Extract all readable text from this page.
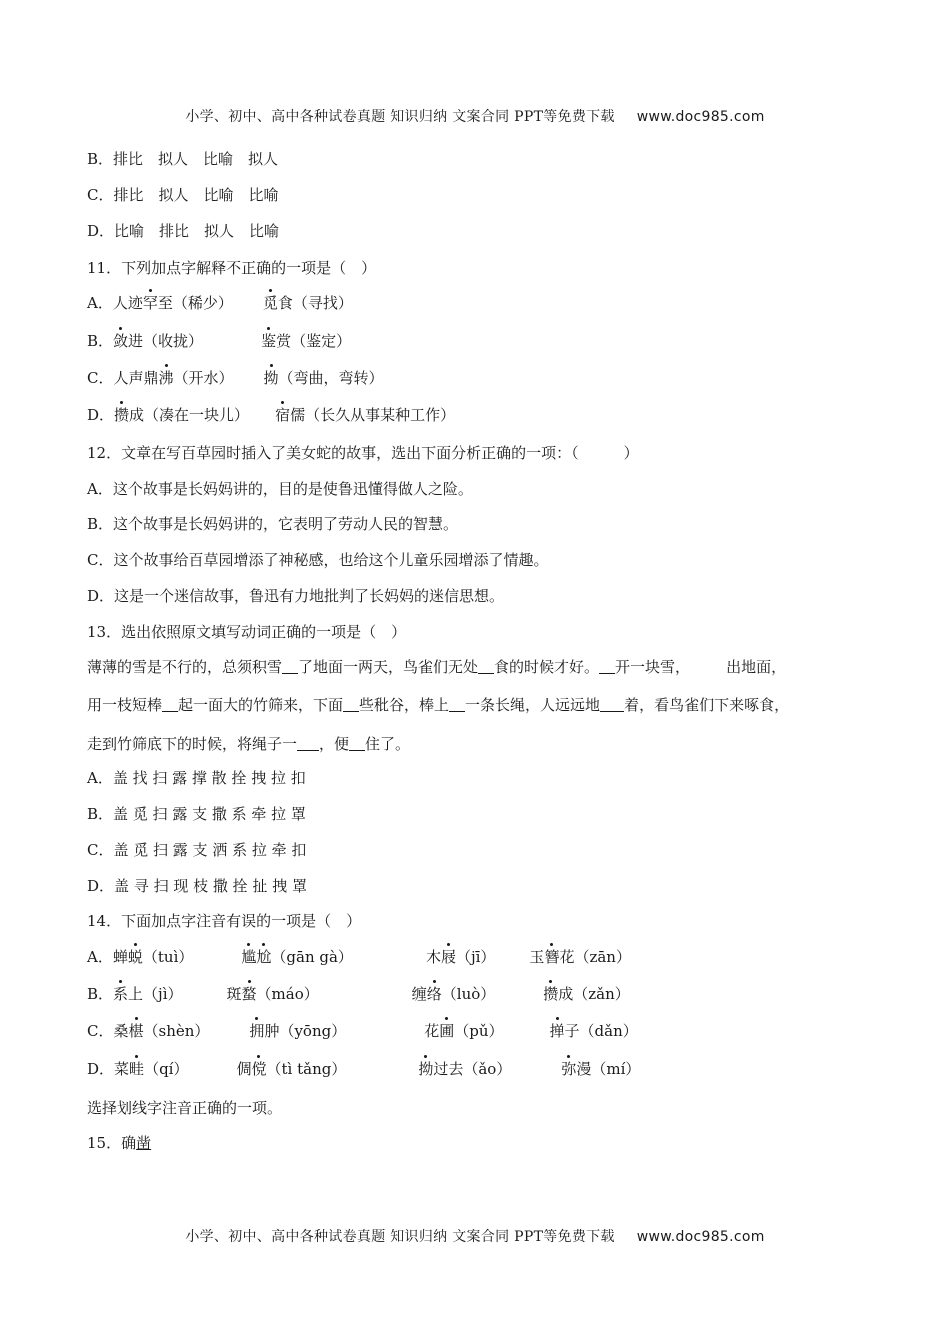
小学、初中、高中各种试卷真题 知识归纳 文案合同 PPT等免费下载 www.doc985.com
B．排比　拟人　比喻　拟人
C．排比　拟人　比喻　比喻
D．比喻　排比　拟人　比喻
11．下列加点字解释不正确的一项是（　）
A．人迹罕至（稀少） 觅食（寻找）
B．敛进（收拢）	鉴赏（鉴定）
C．人声鼎沸（开水） 拗（弯曲，弯转）
D．攒成（凑在一块儿） 宿儒（长久从事某种工作）
12．文章在写百草园时插入了美女蛇的故事，选出下面分析正确的一项：（　　　）
A．这个故事是长妈妈讲的，目的是使鲁迅懂得做人之险。
B．这个故事是长妈妈讲的，它表明了劳动人民的智慧。
C．这个故事给百草园增添了神秘感，也给这个儿童乐园增添了情趣。
D．这是一个迷信故事，鲁迅有力地批判了长妈妈的迷信思想。
13．选出依照原文填写动词正确的一项是（　）
薄薄的雪是不行的，总须积雪 了地面一两天，鸟雀们无处 食的时候才好。 开一块雪， 出地面，
用一枝短棒 起一面大的竹筛来，下面 些秕谷，棒上 一条长绳，人远远地 着，看鸟雀们下来啄食，
走到竹筛底下的时候，将绳子一 ，便 住了。
A．盖 找 扫 露 撑 散 拴 拽 拉 扣
B．盖 觅 扫 露 支 撒 系 牵 拉 罩
C．盖 觅 扫 露 支 洒 系 拉 牵 扣
D．盖 寻 扫 现 枝 撒 拴 扯 拽 罩
14．下面加点字注音有误的一项是（　）
A．蝉蜕（tuì）	尴尬（gān gà）	木屐（jī） 玉簪花（zān）
B．系上（jì）	斑蝥（máo）	缠络（luò）	攒成（zǎn）
C．桑椹（shèn）	拥肿（yōng）	花圃（pǔ）	掸子（dǎn）
D．菜畦（qí）	倜傥（tì tǎng）	拗过去（ǎo）	弥漫（mí）
选择划线字注音正确的一项。
15．确凿
小学、初中、高中各种试卷真题 知识归纳 文案合同 PPT等免费下载 www.doc985.com
